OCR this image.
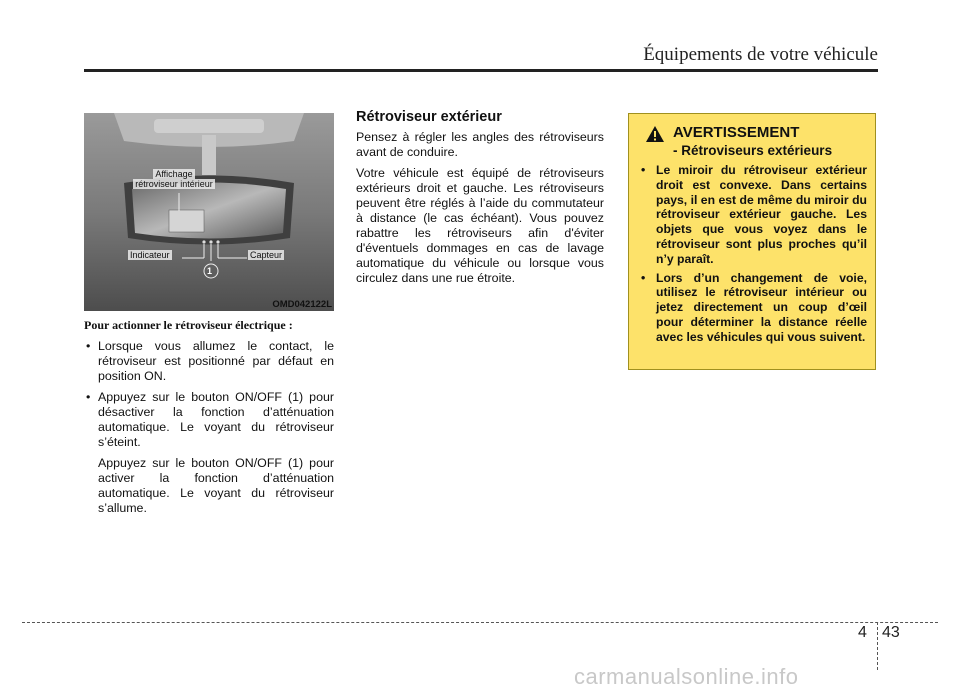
Équipements de votre véhicule
Affichage
rétroviseur intérieur
Indicateur	Capteur
1
OMD042122L
Pour actionner le rétroviseur électrique :
• Lorsque vous allumez le contact, le rétroviseur est positionné par défaut en position ON.
• Appuyez sur le bouton ON/OFF (1) pour désactiver la fonction d’atténuation automatique. Le voyant du rétroviseur s’éteint.
Appuyez sur le bouton ON/OFF (1) pour activer la fonction d’atténuation automatique. Le voyant du rétroviseur s’allume.
Rétroviseur extérieur

Pensez à régler les angles des rétroviseurs avant de conduire.

Votre véhicule est équipé de rétroviseurs extérieurs droit et gauche. Les rétroviseurs peuvent être réglés à l’aide du commutateur à distance (le cas échéant). Vous pouvez rabattre les rétroviseurs afin d'éviter d'éventuels dommages en cas de lavage automatique du véhicule ou lorsque vous circulez dans une rue étroite.

AVERTISSEMENT
- Rétroviseurs extérieurs
• Le miroir du rétroviseur extérieur droit est convexe. Dans certains pays, il en est de même du miroir du rétroviseur extérieur gauche. Les objets que vous voyez dans le rétroviseur sont plus proches qu’il n’y paraît.
• Lors d’un changement de voie, utilisez le rétroviseur intérieur ou jetez directement un coup d’œil pour déterminer la distance réelle avec les véhicules qui vous suivent.
4 43
carmanualsonline.info
